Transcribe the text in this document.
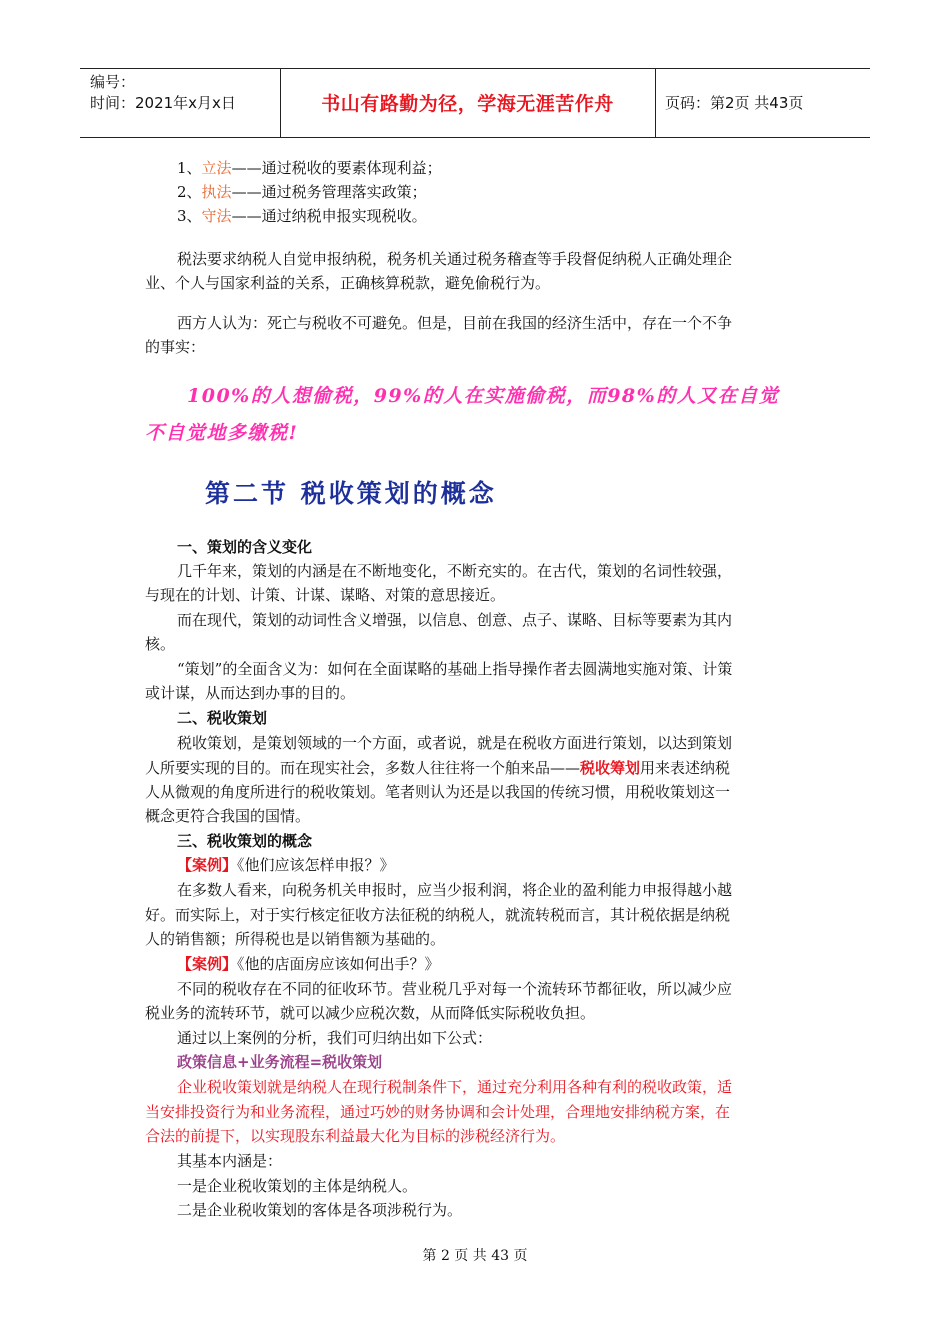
编号：
时间：2021年x月x日	书山有路勤为径，学海无涯苦作舟	页码：第2页 共43页
1、立法——通过税收的要素体现利益；
2、执法——通过税务管理落实政策；
3、守法——通过纳税申报实现税收。
税法要求纳税人自觉申报纳税，税务机关通过税务稽查等手段督促纳税人正确处理企
业、个人与国家利益的关系，正确核算税款，避免偷税行为。
西方人认为：死亡与税收不可避免。但是，目前在我国的经济生活中，存在一个不争
的事实：
100%的人想偷税，99%的人在实施偷税，而98%的人又在自觉
不自觉地多缴税!
第二节 税收策划的概念
一、策划的含义变化
几千年来，策划的内涵是在不断地变化，不断充实的。在古代，策划的名词性较强，
与现在的计划、计策、计谋、谋略、对策的意思接近。
而在现代，策划的动词性含义增强，以信息、创意、点子、谋略、目标等要素为其内
核。
“策划”的全面含义为：如何在全面谋略的基础上指导操作者去圆满地实施对策、计策
或计谋，从而达到办事的目的。
二、税收策划
税收策划，是策划领域的一个方面，或者说，就是在税收方面进行策划，以达到策划
人所要实现的目的。而在现实社会，多数人往往将一个舶来品——税收筹划用来表述纳税
人从微观的角度所进行的税收策划。笔者则认为还是以我国的传统习惯，用税收策划这一
概念更符合我国的国情。
三、税收策划的概念
【案例】《他们应该怎样申报？》
在多数人看来，向税务机关申报时，应当少报利润，将企业的盈利能力申报得越小越
好。而实际上，对于实行核定征收方法征税的纳税人，就流转税而言，其计税依据是纳税
人的销售额；所得税也是以销售额为基础的。
【案例】《他的店面房应该如何出手？》
不同的税收存在不同的征收环节。营业税几乎对每一个流转环节都征收，所以减少应
税业务的流转环节，就可以减少应税次数，从而降低实际税收负担。
通过以上案例的分析，我们可归纳出如下公式：
政策信息+业务流程=税收策划
企业税收策划就是纳税人在现行税制条件下，通过充分利用各种有利的税收政策，适
当安排投资行为和业务流程，通过巧妙的财务协调和会计处理，合理地安排纳税方案，在
合法的前提下，以实现股东利益最大化为目标的涉税经济行为。
其基本内涵是：
一是企业税收策划的主体是纳税人。
二是企业税收策划的客体是各项涉税行为。
第 2 页 共 43 页
